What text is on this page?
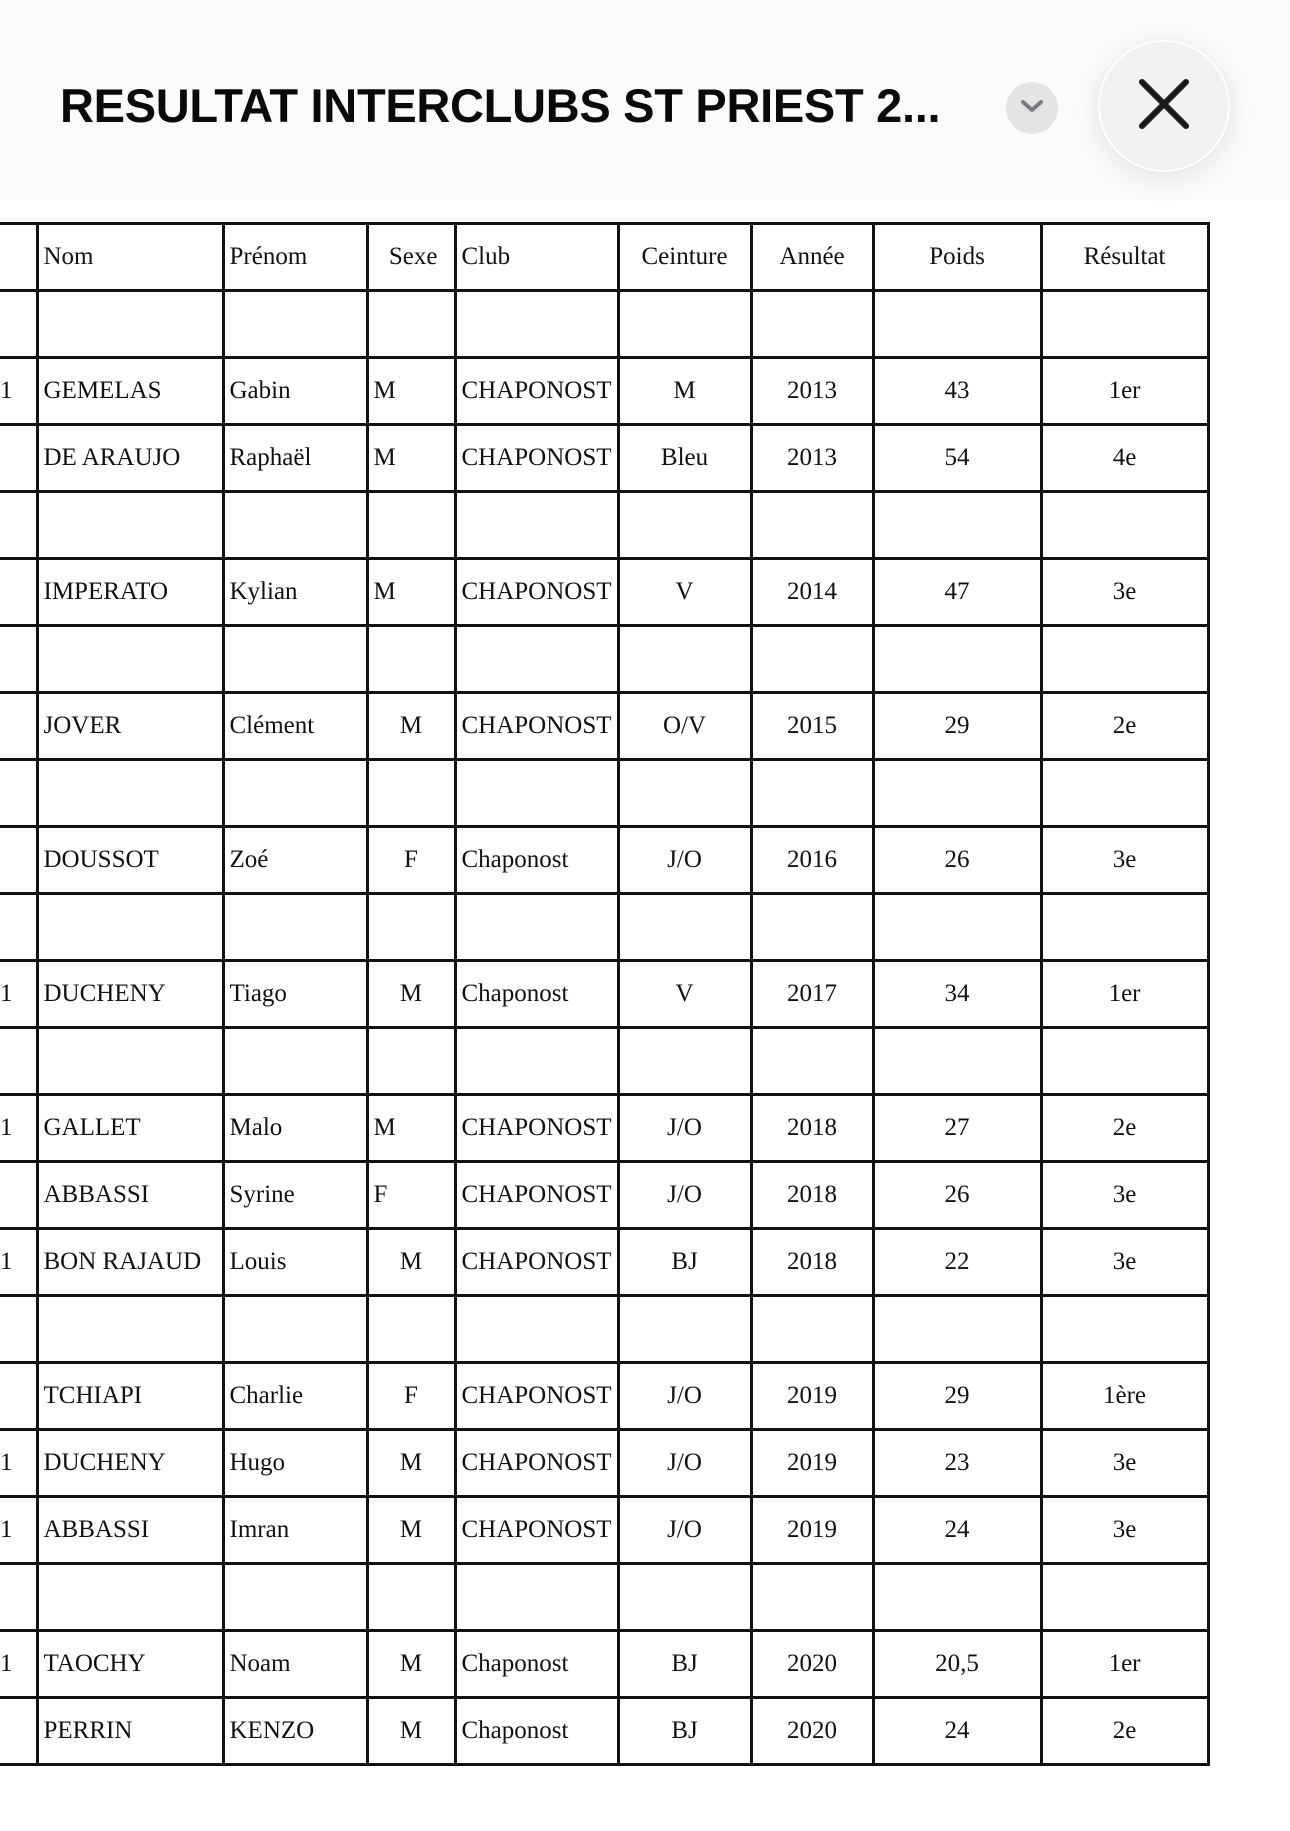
RESULTAT INTERCLUBS ST PRIEST 2...
	Nom	Prénom	Sexe	Club	Ceinture	Année	Poids	Résultat

1	GEMELAS	Gabin	M	CHAPONOST	M	2013	43	1er
	DE ARAUJO	Raphaël	M	CHAPONOST	Bleu	2013	54	4e

	IMPERATO	Kylian	M	CHAPONOST	V	2014	47	3e

	JOVER	Clément	M	CHAPONOST	O/V	2015	29	2e

	DOUSSOT	Zoé	F	Chaponost	J/O	2016	26	3e

1	DUCHENY	Tiago	M	Chaponost	V	2017	34	1er

1	GALLET	Malo	M	CHAPONOST	J/O	2018	27	2e
	ABBASSI	Syrine	F	CHAPONOST	J/O	2018	26	3e
1	BON RAJAUD	Louis	M	CHAPONOST	BJ	2018	22	3e

	TCHIAPI	Charlie	F	CHAPONOST	J/O	2019	29	1ère
1	DUCHENY	Hugo	M	CHAPONOST	J/O	2019	23	3e
1	ABBASSI	Imran	M	CHAPONOST	J/O	2019	24	3e

1	TAOCHY	Noam	M	Chaponost	BJ	2020	20,5	1er
	PERRIN	KENZO	M	Chaponost	BJ	2020	24	2e
